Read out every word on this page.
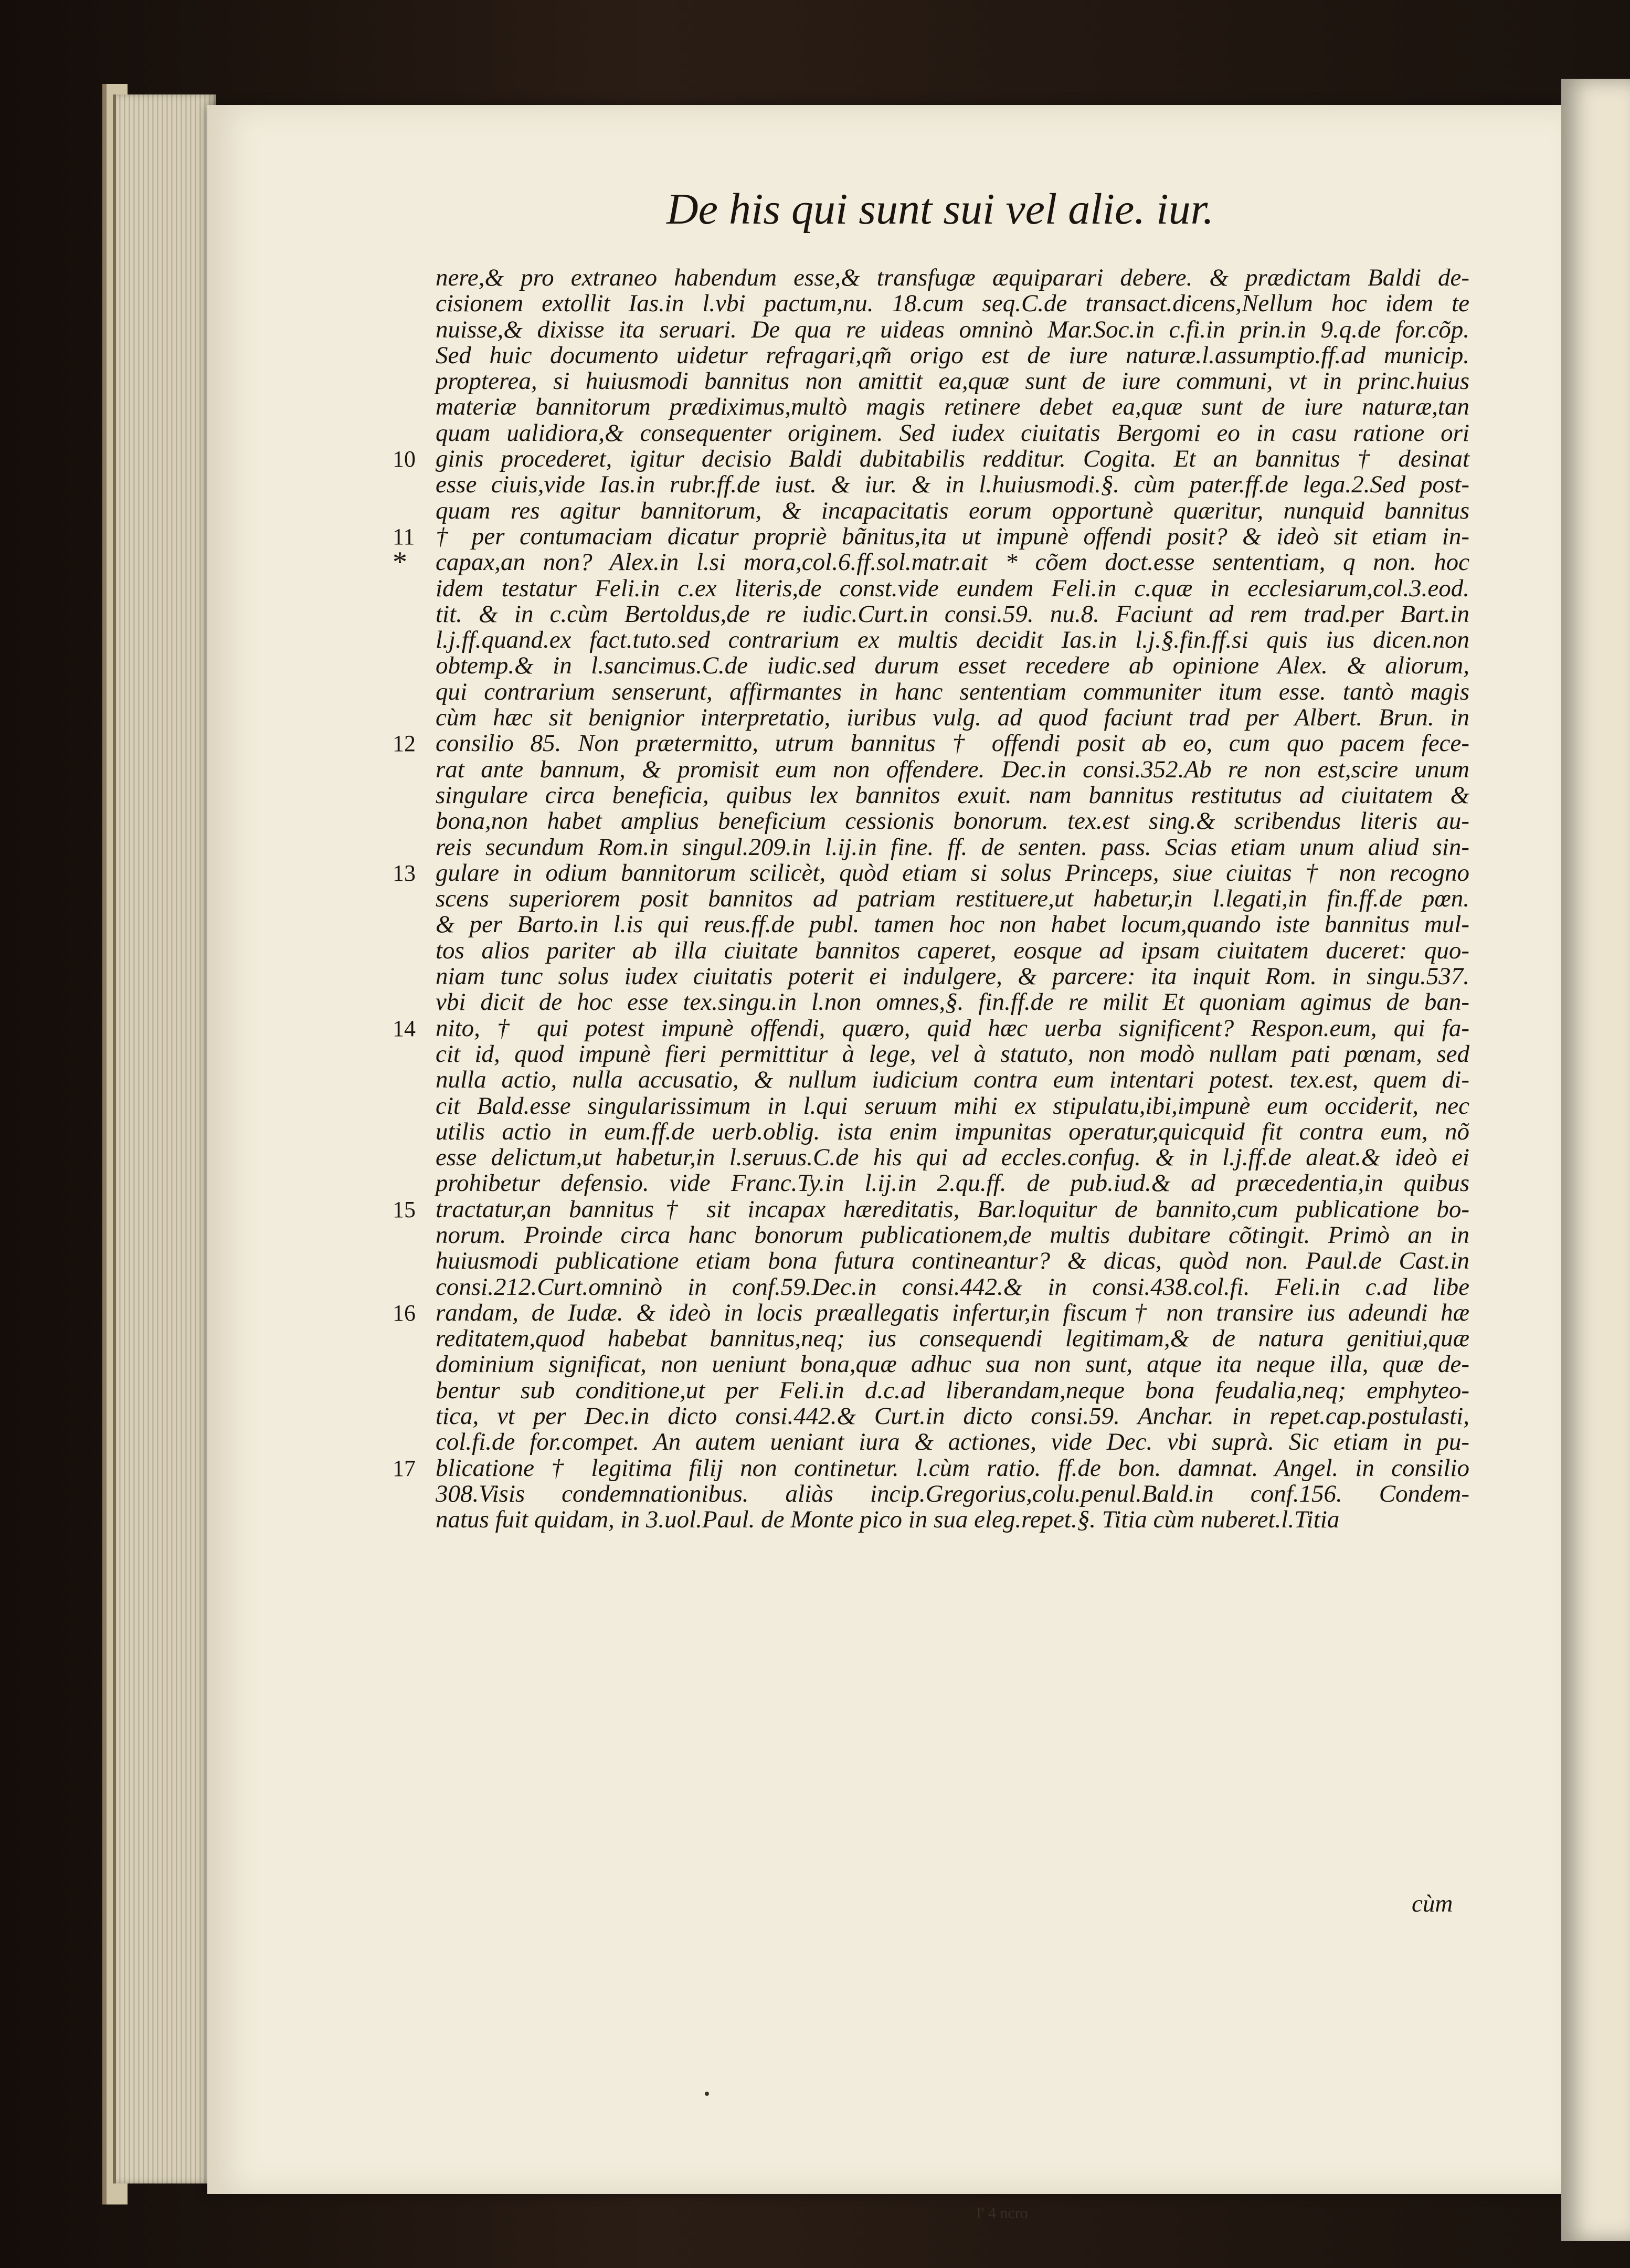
De his qui sunt sui vel alie. iur.
nere,& pro extraneo habendum esse,& transfugæ æquiparari debere. & prædictam Baldi de-
cisionem extollit Ias.in l.vbi pactum,nu. 18.cum seq.C.de transact.dicens,Nellum hoc idem te
nuisse,& dixisse ita seruari. De qua re uideas omninò Mar.Soc.in c.fi.in prin.in 9.q.de for.cõp.
Sed huic documento uidetur refragari,qm̃ origo est de iure naturæ.l.assumptio.ff.ad municip.
propterea, si huiusmodi bannitus non amittit ea,quæ sunt de iure communi, vt in princ.huius
materiæ bannitorum prædiximus,multò magis retinere debet ea,quæ sunt de iure naturæ,tan
quam ualidiora,& consequenter originem. Sed iudex ciuitatis Bergomi eo in casu ratione ori
10 ginis procederet, igitur decisio Baldi dubitabilis redditur. Cogita. Et an bannitus † desinat
esse ciuis,vide Ias.in rubr.ff.de iust. & iur. & in l.huiusmodi.§. cùm pater.ff.de lega.2.Sed post-
quam res agitur bannitorum, & incapacitatis eorum opportunè quæritur, nunquid bannitus
11 † per contumaciam dicatur propriè bãnitus,ita ut impunè offendi posit? & ideò sit etiam in-
* capax,an non? Alex.in l.si mora,col.6.ff.sol.matr.ait * cõem doct.esse sententiam, q non. hoc
idem testatur Feli.in c.ex literis,de const.vide eundem Feli.in c.quæ in ecclesiarum,col.3.eod.
tit. & in c.cùm Bertoldus,de re iudic.Curt.in consi.59. nu.8. Faciunt ad rem trad.per Bart.in
l.j.ff.quand.ex fact.tuto.sed contrarium ex multis decidit Ias.in l.j.§.fin.ff.si quis ius dicen.non
obtemp.& in l.sancimus.C.de iudic.sed durum esset recedere ab opinione Alex. & aliorum,
qui contrarium senserunt, affirmantes in hanc sententiam communiter itum esse. tantò magis
cùm hæc sit benignior interpretatio, iuribus vulg. ad quod faciunt trad per Albert. Brun. in
12 consilio 85. Non prætermitto, utrum bannitus † offendi posit ab eo, cum quo pacem fece-
rat ante bannum, & promisit eum non offendere. Dec.in consi.352.Ab re non est,scire unum
singulare circa beneficia, quibus lex bannitos exuit. nam bannitus restitutus ad ciuitatem &
bona,non habet amplius beneficium cessionis bonorum. tex.est sing.& scribendus literis au-
reis secundum Rom.in singul.209.in l.ij.in fine. ff. de senten. pass. Scias etiam unum aliud sin-
13 gulare in odium bannitorum scilicèt, quòd etiam si solus Princeps, siue ciuitas † non recogno
scens superiorem posit bannitos ad patriam restituere,ut habetur,in l.legati,in fin.ff.de pœn.
& per Barto.in l.is qui reus.ff.de publ. tamen hoc non habet locum,quando iste bannitus mul-
tos alios pariter ab illa ciuitate bannitos caperet, eosque ad ipsam ciuitatem duceret: quo-
niam tunc solus iudex ciuitatis poterit ei indulgere, & parcere: ita inquit Rom. in singu.537.
vbi dicit de hoc esse tex.singu.in l.non omnes,§. fin.ff.de re milit Et quoniam agimus de ban-
14 nito, † qui potest impunè offendi, quæro, quid hæc uerba significent? Respon.eum, qui fa-
cit id, quod impunè fieri permittitur à lege, vel à statuto, non modò nullam pati pœnam, sed
nulla actio, nulla accusatio, & nullum iudicium contra eum intentari potest. tex.est, quem di-
cit Bald.esse singularissimum in l.qui seruum mihi ex stipulatu,ibi,impunè eum occiderit, nec
utilis actio in eum.ff.de uerb.oblig. ista enim impunitas operatur,quicquid fit contra eum, nõ
esse delictum,ut habetur,in l.seruus.C.de his qui ad eccles.confug. & in l.j.ff.de aleat.& ideò ei
prohibetur defensio. vide Franc.Ty.in l.ij.in 2.qu.ff. de pub.iud.& ad præcedentia,in quibus
15 tractatur,an bannitus† sit incapax hæreditatis, Bar.loquitur de bannito,cum publicatione bo-
norum. Proinde circa hanc bonorum publicationem,de multis dubitare cõtingit. Primò an in
huiusmodi publicatione etiam bona futura contineantur? & dicas, quòd non. Paul.de Cast.in
consi.212.Curt.omninò in conf.59.Dec.in consi.442.& in consi.438.col.fi. Feli.in c.ad libe
16 randam, de Iudæ. & ideò in locis præallegatis infertur,in fiscum† non transire ius adeundi hæ
reditatem,quod habebat bannitus,neq; ius consequendi legitimam,& de natura genitiui,quæ
dominium significat, non ueniunt bona,quæ adhuc sua non sunt, atque ita neque illa, quæ de-
bentur sub conditione,ut per Feli.in d.c.ad liberandam,neque bona feudalia,neq; emphyteo-
tica, vt per Dec.in dicto consi.442.& Curt.in dicto consi.59. Anchar. in repet.cap.postulasti,
col.fi.de for.compet. An autem ueniant iura & actiones, vide Dec. vbi suprà. Sic etiam in pu-
17 blicatione † legitima filij non continetur. l.cùm ratio. ff.de bon. damnat. Angel. in consilio
308.Visis condemnationibus. aliàs incip.Gregorius,colu.penul.Bald.in conf.156. Condem-
natus fuit quidam, in 3.uol.Paul. de Monte pico in sua eleg.repet.§. Titia cùm nuberet.l.Titia
cùm
I' 4 ncro
